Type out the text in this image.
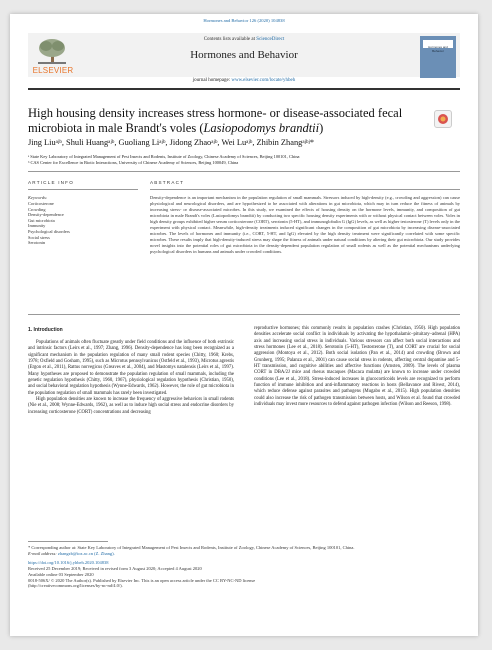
Hormones and Behavior 126 (2020) 104838
Contents lists available at ScienceDirect
Hormones and Behavior
ELSEVIER
Hormones and Behavior
journal homepage: www.elsevier.com/locate/yhbeh
High housing density increases stress hormone- or disease-associated fecal
microbiota in male Brandt's voles (Lasiopodomys brandtii)
Jing Liuᵃʲᵇ, Shuli Huangᵃʲᵇ, Guoliang Liᵃʲᵇ, Jidong Zhaoᵃʲᵇ, Wei Luᵃʲᵇ, Zhibin Zhangᵃʲᵇʲ*
ᵃ State Key Laboratory of Integrated Management of Pest Insects and Rodents, Institute of Zoology, Chinese Academy of Sciences, Beijing 100101, China
ᵇ CAS Center for Excellence in Biotic Interactions, University of Chinese Academy of Sciences, Beijing 100049, China
ARTICLE INFO	ABSTRACT
Keywords:
Corticosterone
Crowding
Density-dependence
Gut microbiota
Immunity
Psychological disorders
Social stress
Serotonin
Density-dependence is an important mechanism in the population regulation of small mammals. Stressors induced by high-density (e.g., crowding and aggression) can cause physiological and neurological disorders, and are hypothesized to be associated with alterations in gut microbiota, which may in turn reduce the fitness of animals by increasing stress- or disease-associated microbes. In this study, we examined the effects of housing density on the hormone levels, immunity, and composition of gut microbiota in male Brandt's voles (Lasiopodomys brandtii) by conducting two specific housing density experiments with or without physical contact between voles. Voles in high density groups exhibited higher serum corticosterone (CORT), serotonin (5-HT), and immunoglobulin G (IgG) levels, as well as higher testosterone (T) levels only in the experiment with physical contact. Meanwhile, high-density treatments induced significant changes in the composition of gut microbiota by increasing disease-associated microbes. The levels of hormones and immunity (i.e., CORT, 5-HT, and IgG) elevated by the high density treatment were significantly correlated with some specific microbes. These results imply that high-density-induced stress may shape the fitness of animals under natural conditions by altering their gut microbiota. Our study provides novel insights into the potential roles of gut microbiota in the density-dependent population regulation of small rodents as well as the potential mechanisms underlying psychological disorders in humans and animals under crowded conditions.
1. Introduction

Populations of animals often fluctuate greatly under field conditions and the influence of both extrinsic and intrinsic factors (Leirs et al., 1997; Zhang, 1996). Density-dependence has long been recognized as a significant mechanism in the population regulation of many small rodent species (Chitty, 1960; Krebs, 1978; Oxfield and Gosham, 1995), such as Microtus pennsylvanicus (Ostfeld et al., 1993), Microtus agrestis (Ergon et al., 2011), Rattus norvegicus (Greaves et al., 2004), and Mastomys natalensis (Leirs et al., 1997). Many hypotheses are proposed to demonstrate the population regulation of small mammals, including the genetic regulation hypothesis (Chitty, 1960, 1967), physiological regulation hypothesis (Christian, 1950), and social behavioral regulation hypothesis (Wynne-Edwards, 1962). However, the role of gut microbiota in the population regulation of small mammals has rarely been investigated.

High population densities are known to increase the frequency of aggressive behaviors in small rodents (Nie et al., 2008; Wynne-Edwards, 1962), as well as to induce high social stress and endocrine disorders by increasing corticosterone (CORT) concentrations and decreasing

reproductive hormones; this commonly results in population crashes (Christian, 1950). High population densities accelerate social conflict in individuals by activating the hypothalamic–pituitary–adrenal (HPA) axis and increasing social stress in individuals. Various stressors can affect both social interactions and stress hormones (Lee et al., 2018). Serotonin (5-HT), Testosterone (T), and CORT are crucial for social aggression (Montoya et al., 2012). Both social isolation (Pan et al., 2014) and crowding (Brown and Grunberg, 1995; Palanza et al., 2001) can cause social stress in rodents, affecting central dopamine and 5-HT transmission, and cognitive abilities and affective functions (Arnsten, 2009). The levels of plasma CORT in DBA/2J mice and rhesus macaques (Macaca mulatta) are known to increase under crowded conditions (Lee et al., 2018). Stress-induced increases in glucocorticoids levels are recognized to perform function of immune inhibition and anti-inflammatory reactions in hosts (Bellavance and Rivest, 2014), which reduce defense against parasites and pathogens (Mugabo et al., 2015). High population densities could also increase the risk of pathogen transmission between hosts, and Wilson et al. found that crowded individuals may invest more resources to defend against pathogen infection (Wilson and Reeson, 1998).

* Corresponding author at: State Key Laboratory of Integrated Management of Pest Insects and Rodents, Institute of Zoology, Chinese Academy of Sciences, Beijing 100101, China.
E-mail address: zhangzb@ioz.ac.cn (Z. Zhang).
https://doi.org/10.1016/j.yhbeh.2020.104838
Received 25 December 2019; Received in revised form 3 August 2020; Accepted 4 August 2020
Available online 03 September 2020
0018-506X/ © 2020 The Author(s). Published by Elsevier Inc. This is an open access article under the CC BY-NC-ND license
(http://creativecommons.org/licenses/by-nc-nd/4.0/).
